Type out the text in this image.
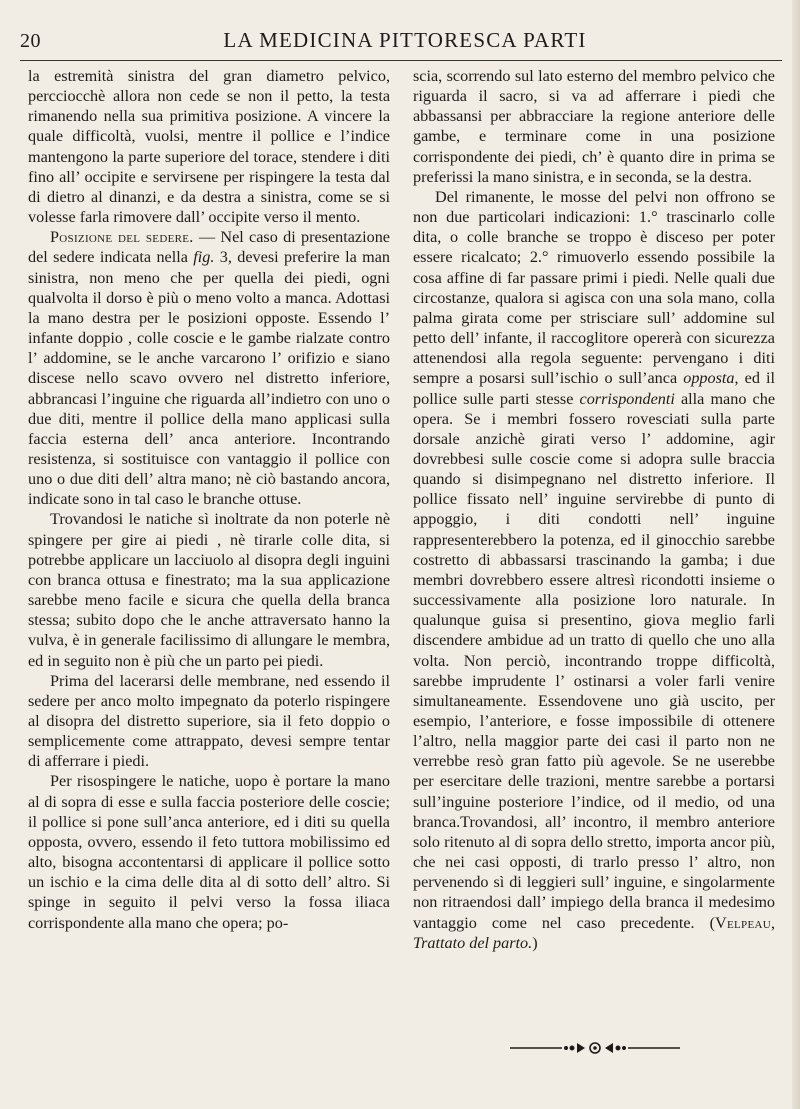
20	LA MEDICINA PITTORESCA PARTI

la estremità sinistra del gran diametro pelvico, percciocchè allora non cede se non il petto, la testa rimanendo nella sua primitiva posizione. A vincere la quale difficoltà, vuolsi, mentre il pollice e l’indice mantengono la parte superiore del torace, stendere i diti fino all’ occipite e servirsene per rispingere la testa dal di dietro al dinanzi, e da destra a sinistra, come se si volesse farla rimovere dall’ occipite verso il mento.

Posizione del sedere. — Nel caso di presentazione del sedere indicata nella fig. 3, devesi preferire la man sinistra, non meno che per quella dei piedi, ogni qualvolta il dorso è più o meno volto a manca. Adottasi la mano destra per le posizioni opposte. Essendo l’ infante doppio , colle coscie e le gambe rialzate contro l’ addomine, se le anche varcarono l’ orifizio e siano discese nello scavo ovvero nel distretto inferiore, abbrancasi l’inguine che riguarda all’indietro con uno o due diti, mentre il pollice della mano applicasi sulla faccia esterna dell’ anca anteriore. Incontrando resistenza, si sostituisce con vantaggio il pollice con uno o due diti dell’ altra mano; nè ciò bastando ancora, indicate sono in tal caso le branche ottuse.

Trovandosi le natiche sì inoltrate da non poterle nè spingere per gire ai piedi , nè tirarle colle dita, si potrebbe applicare un lacciuolo al disopra degli inguini con branca ottusa e finestrato; ma la sua applicazione sarebbe meno facile e sicura che quella della branca stessa; subito dopo che le anche attraversato hanno la vulva, è in generale facilissimo di allungare le membra, ed in seguito non è più che un parto pei piedi.

Prima del lacerarsi delle membrane, ned essendo il sedere per anco molto impegnato da poterlo rispingere al disopra del distretto superiore, sia il feto doppio o semplicemente come attrappato, devesi sempre tentar di afferrare i piedi.

Per risospingere le natiche, uopo è portare la mano al di sopra di esse e sulla faccia posteriore delle coscie; il pollice si pone sull’anca anteriore, ed i diti su quella opposta, ovvero, essendo il feto tuttora mobilissimo ed alto, bisogna accontentarsi di applicare il pollice sotto un ischio e la cima delle dita al di sotto dell’ altro. Si spinge in seguito il pelvi verso la fossa iliaca corrispondente alla mano che opera; po-

scia, scorrendo sul lato esterno del membro pelvico che riguarda il sacro, si va ad afferrare i piedi che abbassansi per abbracciare la regione anteriore delle gambe, e terminare come in una posizione corrispondente dei piedi, ch’ è quanto dire in prima se preferissi la mano sinistra, e in seconda, se la destra.

Del rimanente, le mosse del pelvi non offrono se non due particolari indicazioni: 1.° trascinarlo colle dita, o colle branche se troppo è disceso per poter essere ricalcato; 2.° rimuoverlo essendo possibile la cosa affine di far passare primi i piedi. Nelle quali due circostanze, qualora si agisca con una sola mano, colla palma girata come per strisciare sull’ addomine sul petto dell’ infante, il raccoglitore opererà con sicurezza attenendosi alla regola seguente: pervengano i diti sempre a posarsi sull’ischio o sull’anca opposta, ed il pollice sulle parti stesse corrispondenti alla mano che opera. Se i membri fossero rovesciati sulla parte dorsale anzichè girati verso l’ addomine, agir dovrebbesi sulle coscie come si adopra sulle braccia quando si disimpegnano nel distretto inferiore. Il pollice fissato nell’ inguine servirebbe di punto di appoggio, i diti condotti nell’ inguine rappresenterebbero la potenza, ed il ginocchio sarebbe costretto di abbassarsi trascinando la gamba; i due membri dovrebbero essere altresì ricondotti insieme o successivamente alla posizione loro naturale. In qualunque guisa si presentino, giova meglio farli discendere ambidue ad un tratto di quello che uno alla volta. Non perciò, incontrando troppe difficoltà, sarebbe imprudente l’ ostinarsi a voler farli venire simultaneamente. Essendovene uno già uscito, per esempio, l’anteriore, e fosse impossibile di ottenere l’altro, nella maggior parte dei casi il parto non ne verrebbe resò gran fatto più agevole. Se ne userebbe per esercitare delle trazioni, mentre sarebbe a portarsi sull’inguine posteriore l’indice, od il medio, od una branca.Trovandosi, all’ incontro, il membro anteriore solo ritenuto al di sopra dello stretto, importa ancor più, che nei casi opposti, di trarlo presso l’ altro, non pervenendo sì di leggieri sull’ inguine, e singolarmente non ritraendosi dall’ impiego della branca il medesimo vantaggio come nel caso precedente. (Velpeau, Trattato del parto.)
